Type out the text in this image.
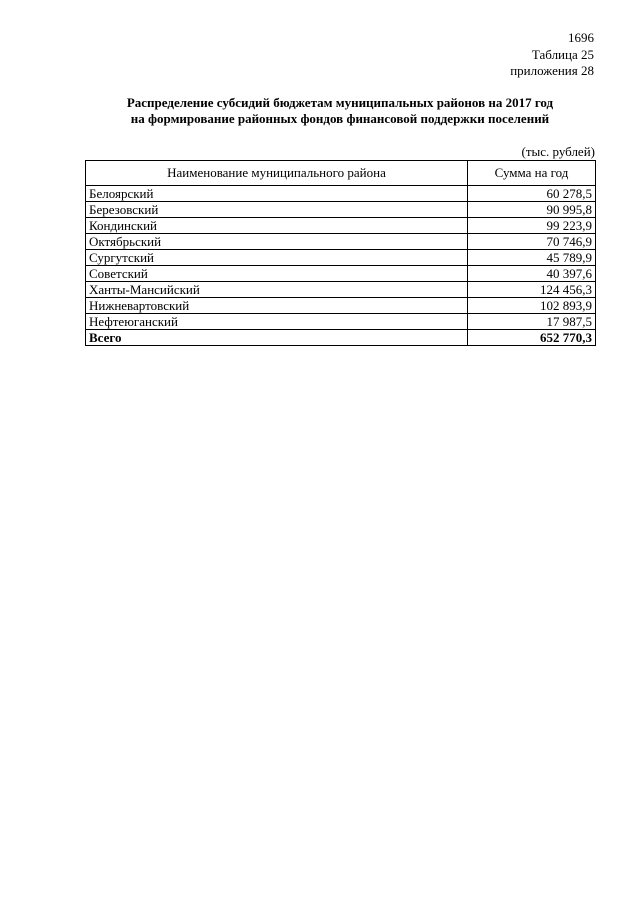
1696
Таблица 25
приложения 28
Распределение субсидий бюджетам муниципальных районов на 2017 год
на формирование районных фондов финансовой поддержки поселений
(тыс. рублей)
Наименование муниципального района	Сумма на год
Белоярский	60 278,5
Березовский	90 995,8
Кондинский	99 223,9
Октябрьский	70 746,9
Сургутский	45 789,9
Советский	40 397,6
Ханты-Мансийский	124 456,3
Нижневартовский	102 893,9
Нефтеюганский	17 987,5
Всего	652 770,3
